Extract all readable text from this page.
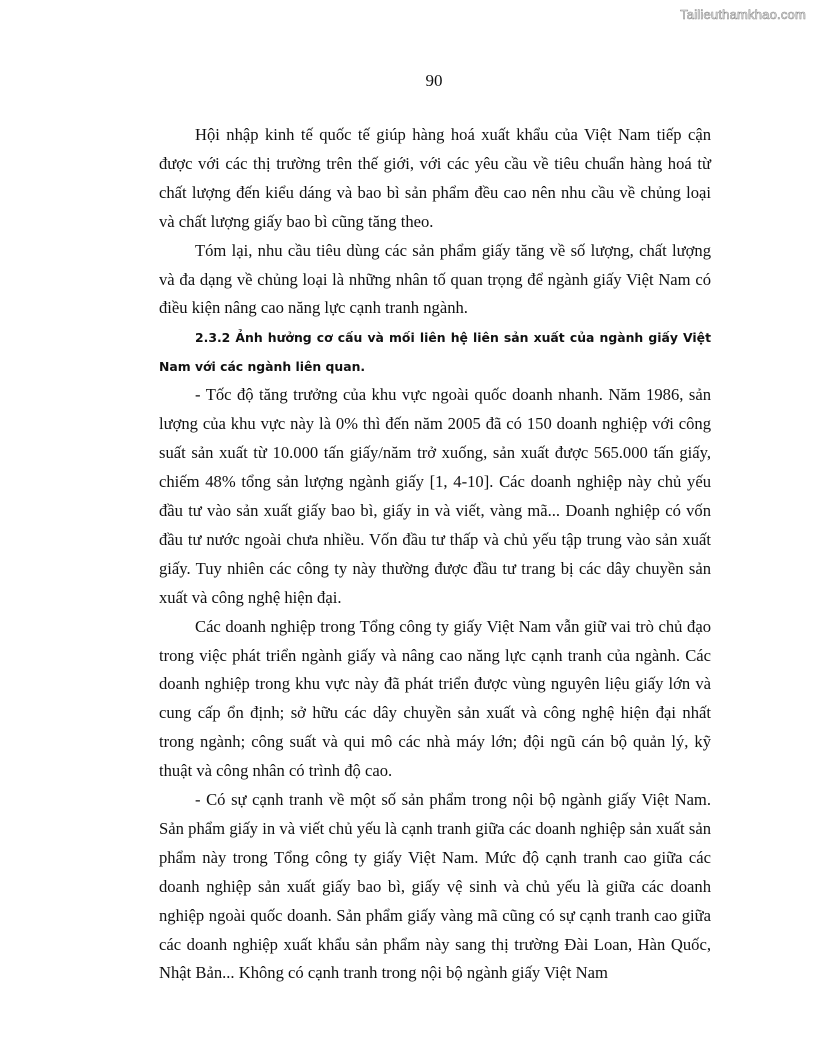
Tailieuthamkhao.com
90

Hội nhập kinh tế quốc tế giúp hàng hoá xuất khẩu của Việt Nam tiếp cận được với các thị trường trên thế giới, với các yêu cầu về tiêu chuẩn hàng hoá từ chất lượng đến kiểu dáng và bao bì sản phẩm đều cao nên nhu cầu về chủng loại và chất lượng giấy bao bì cũng tăng theo.

Tóm lại, nhu cầu tiêu dùng các sản phẩm giấy tăng về số lượng, chất lượng và đa dạng về chủng loại là những nhân tố quan trọng để ngành giấy Việt Nam có điều kiện nâng cao năng lực cạnh tranh ngành.

2.3.2 Ảnh hưởng cơ cấu và mối liên hệ liên sản xuất của ngành giấy Việt Nam với các ngành liên quan.

- Tốc độ tăng trưởng của khu vực ngoài quốc doanh nhanh. Năm 1986, sản lượng của khu vực này là 0% thì đến năm 2005 đã có 150 doanh nghiệp với công suất sản xuất từ 10.000 tấn giấy/năm trở xuống, sản xuất được 565.000 tấn giấy, chiếm 48% tổng sản lượng ngành giấy [1, 4-10]. Các doanh nghiệp này chủ yếu đầu tư vào sản xuất giấy bao bì, giấy in và viết, vàng mã... Doanh nghiệp có vốn đầu tư nước ngoài chưa nhiều. Vốn đầu tư thấp và chủ yếu tập trung vào sản xuất giấy. Tuy nhiên các công ty này thường được đầu tư trang bị các dây chuyền sản xuất và công nghệ hiện đại.

Các doanh nghiệp trong Tổng công ty giấy Việt Nam vẫn giữ vai trò chủ đạo trong việc phát triển ngành giấy và nâng cao năng lực cạnh tranh của ngành. Các doanh nghiệp trong khu vực này đã phát triển được vùng nguyên liệu giấy lớn và cung cấp ổn định; sở hữu các dây chuyền sản xuất và công nghệ hiện đại nhất trong ngành; công suất và qui mô các nhà máy lớn; đội ngũ cán bộ quản lý, kỹ thuật và công nhân có trình độ cao.

- Có sự cạnh tranh về một số sản phẩm trong nội bộ ngành giấy Việt Nam. Sản phẩm giấy in và viết chủ yếu là cạnh tranh giữa các doanh nghiệp sản xuất sản phẩm này trong Tổng công ty giấy Việt Nam. Mức độ cạnh tranh cao giữa các doanh nghiệp sản xuất giấy bao bì, giấy vệ sinh và chủ yếu là giữa các doanh nghiệp ngoài quốc doanh. Sản phẩm giấy vàng mã cũng có sự cạnh tranh cao giữa các doanh nghiệp xuất khẩu sản phẩm này sang thị trường Đài Loan, Hàn Quốc, Nhật Bản... Không có cạnh tranh trong nội bộ ngành giấy Việt Nam
